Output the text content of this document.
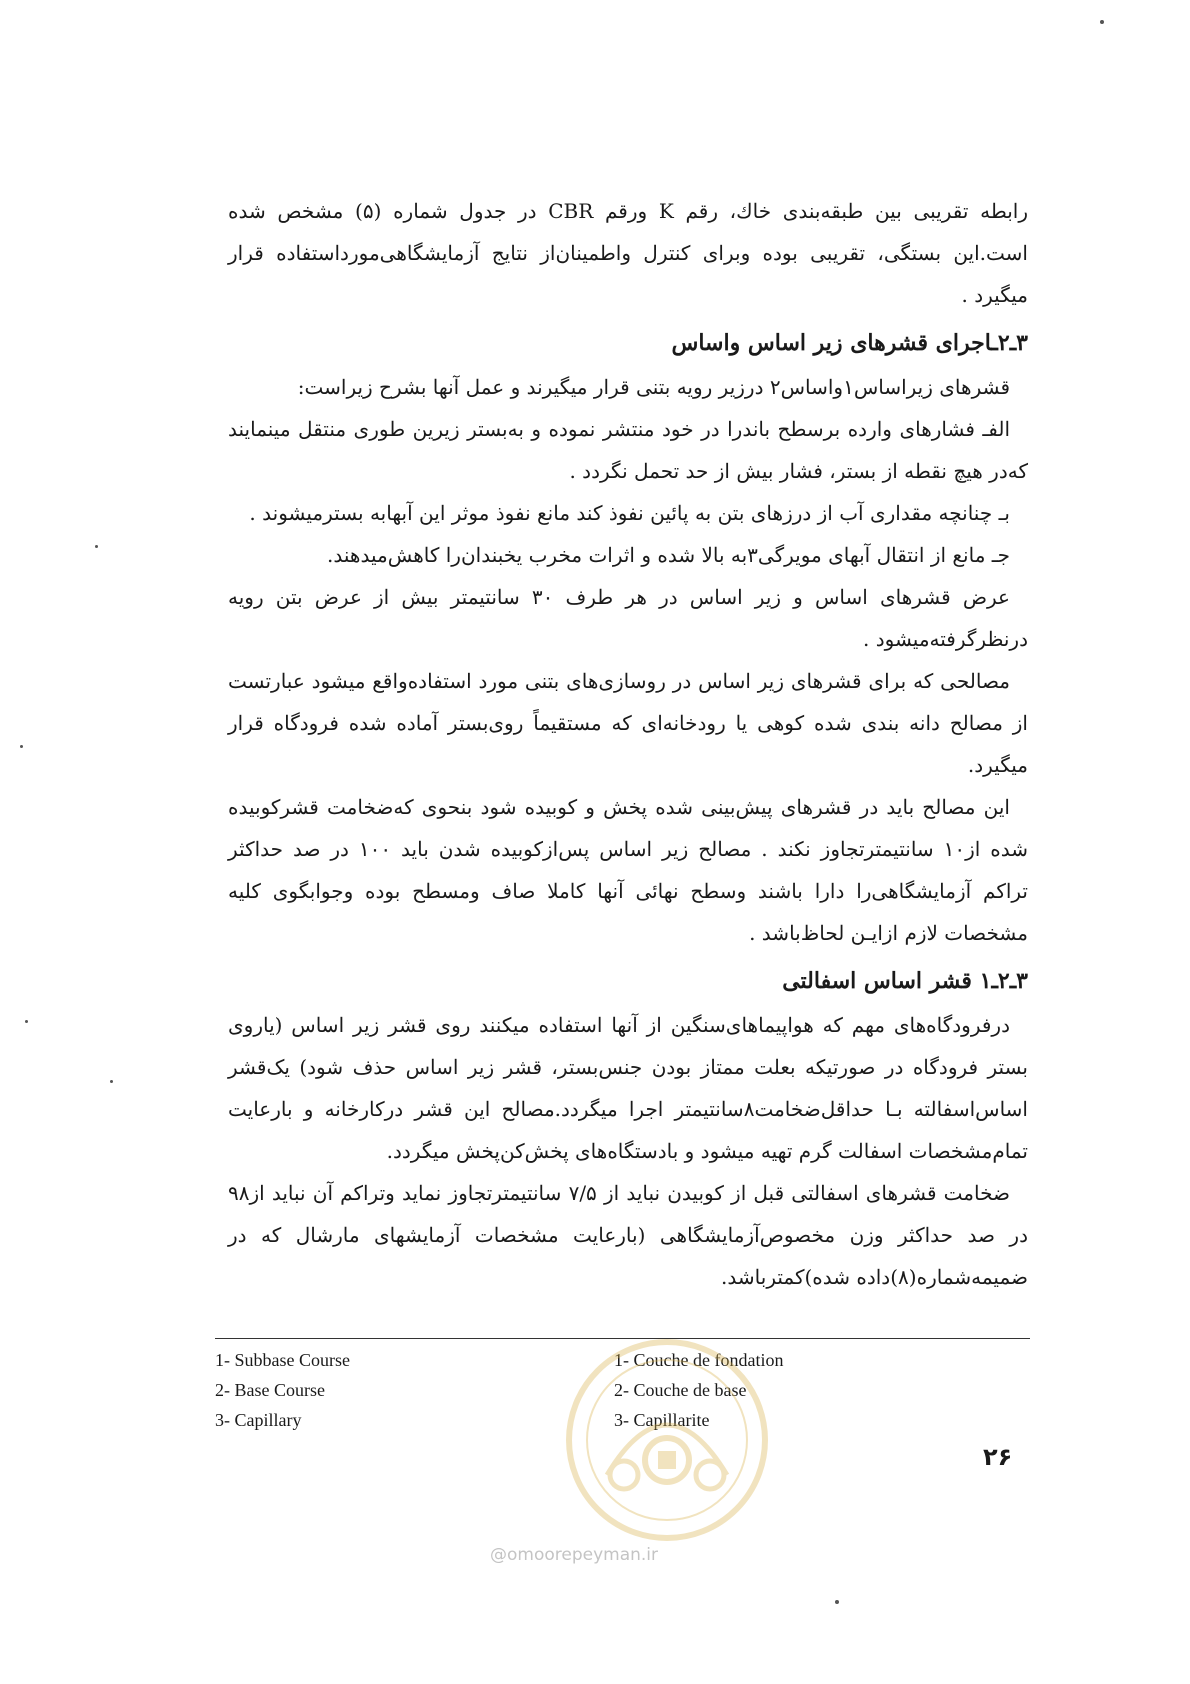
رابطه تقریبی بین طبقه‌بندی خاك، رقم K ورقم CBR در جدول شماره (۵) مشخص شده است.این بستگی، تقریبی بوده وبرای کنترل واطمینان‌از نتایج آزمایشگاهی‌مورداستفاده قرار میگیرد .

۳ـ۲ـاجرای قشرهای زیر اساس واساس

قشرهای زیراساس۱واساس۲ درزیر رویه بتنی قرار میگیرند و عمل آنها بشرح زیراست:

الفـ فشارهای وارده برسطح باندرا در خود منتشر نموده و به‌بستر زیرین طوری منتقل مینمایند که‌در هیچ نقطه از بستر، فشار بیش از حد تحمل نگردد .

بـ چنانچه مقداری آب از درزهای بتن به پائین نفوذ کند مانع نفوذ موثر این آبهابه بسترمیشوند .

جـ مانع از انتقال آبهای مویرگی۳به بالا شده و اثرات مخرب یخبندان‌را کاهش‌میدهند.

عرض قشرهای اساس و زیر اساس در هر طرف ۳۰ سانتیمتر بیش از عرض بتن رویه درنظرگرفته‌میشود .

مصالحی که برای قشرهای زیر اساس در روسازی‌های بتنی مورد استفاده‌واقع میشود عبارتست از مصالح دانه بندی شده کوهی یا رودخانه‌ای که مستقیماً روی‌بستر آماده شده فرودگاه قرار میگیرد.

این مصالح باید در قشرهای پیش‌بینی شده پخش و کوبیده شود بنحوی که‌ضخامت قشرکوبیده شده از۱۰ سانتیمترتجاوز نکند . مصالح زیر اساس پس‌ازکوبیده شدن باید ۱۰۰ در صد حداکثر تراکم آزمایشگاهی‌را دارا باشند وسطح نهائی آنها کاملا صاف ومسطح بوده وجوابگوی کلیه مشخصات لازم ازایـن لحاظ‌باشد .

۳ـ۲ـ۱ قشر اساس اسفالتی

درفرودگاه‌های مهم که هواپیماهای‌سنگین از آنها استفاده میکنند روی قشر زیر اساس (یاروی بستر فرودگاه در صورتیکه بعلت ممتاز بودن جنس‌بستر، قشر زیر اساس حذف شود) یک‌قشر اساس‌اسفالته بـا حداقل‌ضخامت۸سانتیمتر اجرا میگردد.مصالح این قشر درکارخانه و بارعایت تمام‌مشخصات اسفالت گرم تهیه میشود و بادستگاه‌های پخش‌کن‌پخش میگردد.

ضخامت قشرهای اسفالتی قبل از کوبیدن نباید از ۷/۵ سانتیمترتجاوز نماید وتراکم آن نباید از۹۸ در صد حداکثر وزن مخصوص‌آزمایشگاهی (بارعایت مشخصات آزمایشهای مارشال که در ضمیمه‌شماره(۸)داده شده)کمترباشد.

1- Subbase Course

2- Base Course

3- Capillary

1- Couche de fondation

2- Couche de base

3- Capillarite

۲۶
@omoorepeyman.ir
